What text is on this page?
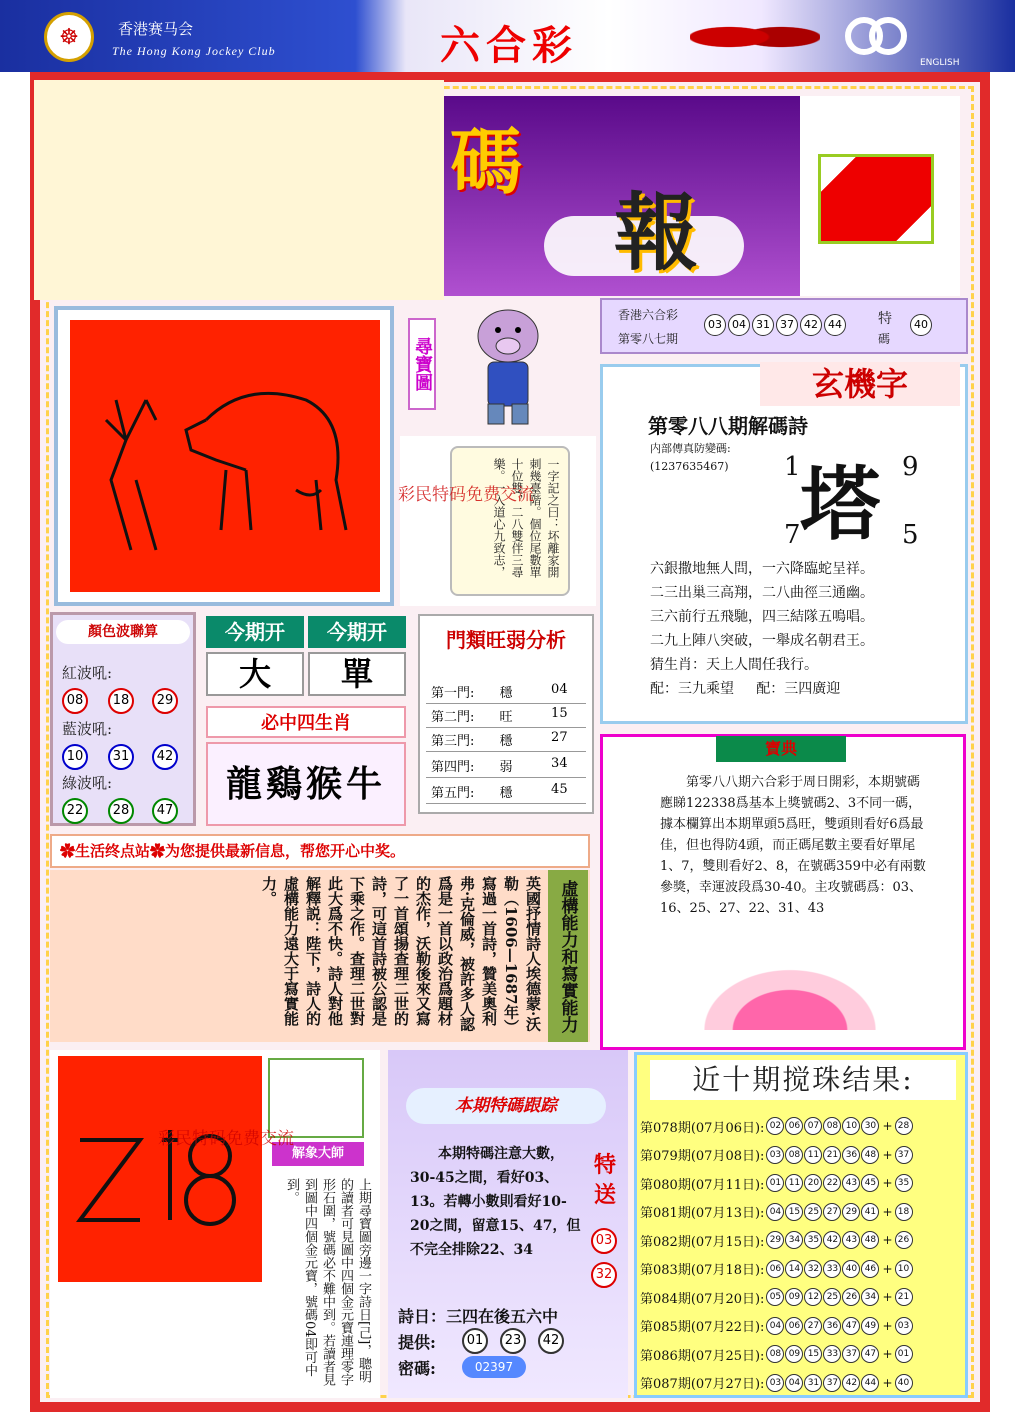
☸	香港赛马会
The Hong Kong Jockey Club	六合彩	ENGLISH
碼
報
尋寶圖
一字記之曰：坏離家開刺幾臺階。個位尾數單十位雙，二八雙伴三尋樂。一入道心九致志，
彩民特码免费交流
顏色波聯算
紅波吼:
08	18	29
藍波吼:
10	31	42
綠波吼:
22	28	47
今期开	今期开
大	單
必中四生肖
龍鷄猴牛
門類旺弱分析
第一門:	穩	04
第二門:	旺	15
第三門:	穩	27
第四門:	弱	34
第五門:	穩	45
香港六合彩
第零八七期
03 04 31 37 42 44	特
碼
40
玄機字
第零八八期解碼詩
内部傳真防變碼:
(1237635467) 塔
1	9
7	5
六銀撒地無人問，一六降臨蛇呈祥。
二三出巢三高翔，二八曲徑三通幽。
三六前行五飛馳，四三結隊五鳴唱。
二九上陣八突破，一舉成名朝君王。
猜生肖：天上人間任我行。
配：三九乘望     配：三四廣迎
寶典
第零八八期六合彩于周日開彩，本期號碼應睇122338爲基本上獎號碼2、3不同一碼，據本欄算出本期單頭5爲旺，雙頭則看好6爲最佳，但也得防4頭，而正碼尾數主要看好單尾1、7，雙則看好2、8，在號碼359中必有兩數參獎，幸運波段爲30-40。主攻號碼爲：03、16、25、27、22、31、43
✿生活终点站✿为您提供最新信息，帮您开心中奖。
虛構能力和寫實能力
英國抒情詩人埃德蒙·沃勒（1606—1687年）寫過一首詩，贊美奧利弗·克倫威，被許多人認爲是一首以政治爲題材的杰作，沃勒後來又寫了一首頌揚查理二世的詩，可這首詩被公認是下乘之作。查理二世對此大爲不快。詩人對他解釋説：陛下，詩人的虛構能力遠大于寫實能力。
解象大師
彩民特码免费交流
上期尋寶圖旁邊一字詩日[己]，聰明的讀者可見圖中四個金元寶連理零字形石圍，號碼必不難中到。若讀者見到圖中四個金元寶，號碼04即可中到。
本期特碼跟踪
本期特碼注意大數，30-45之間，看好03、13。若轉小數則看好10-20之間，留意15、47，但不完全排除22、34
特送
03
32
詩日：三四在後五六中
提供:	01	23	42
密碼:	02397
近十期搅珠结果:
第078期 (07月06日): 02 06 07 08 10 30 + 28
第079期 (07月08日): 03 08 11 21 36 48 + 37
第080期 (07月11日): 01 11 20 22 43 45 + 35
第081期 (07月13日): 04 15 25 27 29 41 + 18
第082期 (07月15日): 29 34 35 42 43 48 + 26
第083期 (07月18日): 06 14 32 33 40 46 + 10
第084期 (07月20日): 05 09 12 25 26 34 + 21
第085期 (07月22日): 04 06 27 36 47 49 + 03
第086期 (07月25日): 08 09 15 33 37 47 + 01
第087期 (07月27日): 03 04 31 37 42 44 + 40
